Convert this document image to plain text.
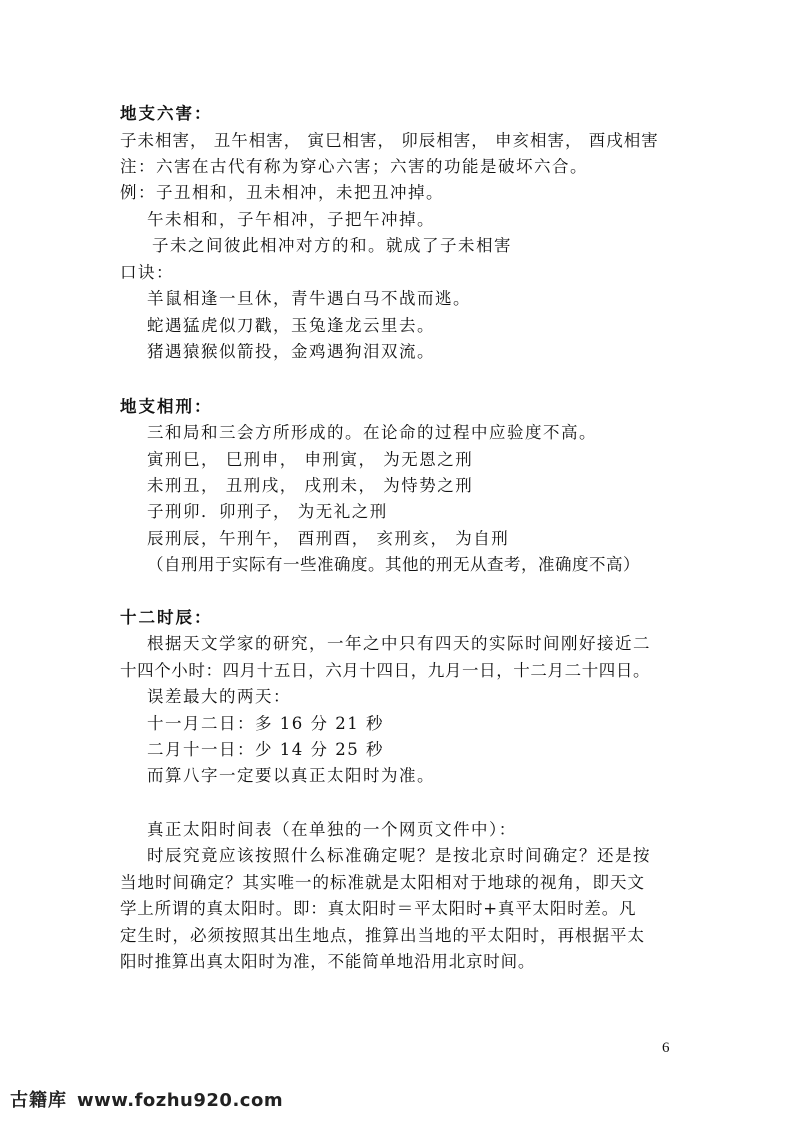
地支六害：
子未相害， 丑午相害， 寅巳相害， 卯辰相害， 申亥相害， 酉戌相害
注：六害在古代有称为穿心六害；六害的功能是破坏六合。
例：子丑相和，丑未相冲，未把丑冲掉。
午未相和，子午相冲，子把午冲掉。
子未之间彼此相冲对方的和。就成了子未相害
口诀：
羊鼠相逢一旦休，青牛遇白马不战而逃。
蛇遇猛虎似刀戳，玉兔逢龙云里去。
猪遇猿猴似箭投，金鸡遇狗泪双流。
地支相刑：
三和局和三会方所形成的。在论命的过程中应验度不高。
寅刑巳， 巳刑申， 申刑寅， 为无恩之刑
未刑丑， 丑刑戌， 戌刑未， 为恃势之刑
子刑卯．卯刑子， 为无礼之刑
辰刑辰，午刑午， 酉刑酉， 亥刑亥， 为自刑
（自刑用于实际有一些准确度。其他的刑无从查考，准确度不高）
十二时辰：
根据天文学家的研究，一年之中只有四天的实际时间刚好接近二
十四个小时：四月十五日，六月十四日，九月一日，十二月二十四日。
误差最大的两天：
十一月二日：多 16 分 21 秒
二月十一日：少 14 分 25 秒
而算八字一定要以真正太阳时为准。
真正太阳时间表（在单独的一个网页文件中）：
时辰究竟应该按照什么标准确定呢？是按北京时间确定？还是按
当地时间确定？其实唯一的标准就是太阳相对于地球的视角，即天文
学上所谓的真太阳时。即：真太阳时＝平太阳时+真平太阳时差。凡
定生时，必须按照其出生地点，推算出当地的平太阳时，再根据平太
阳时推算出真太阳时为准，不能简单地沿用北京时间。
6
古籍库 www.fozhu920.com
